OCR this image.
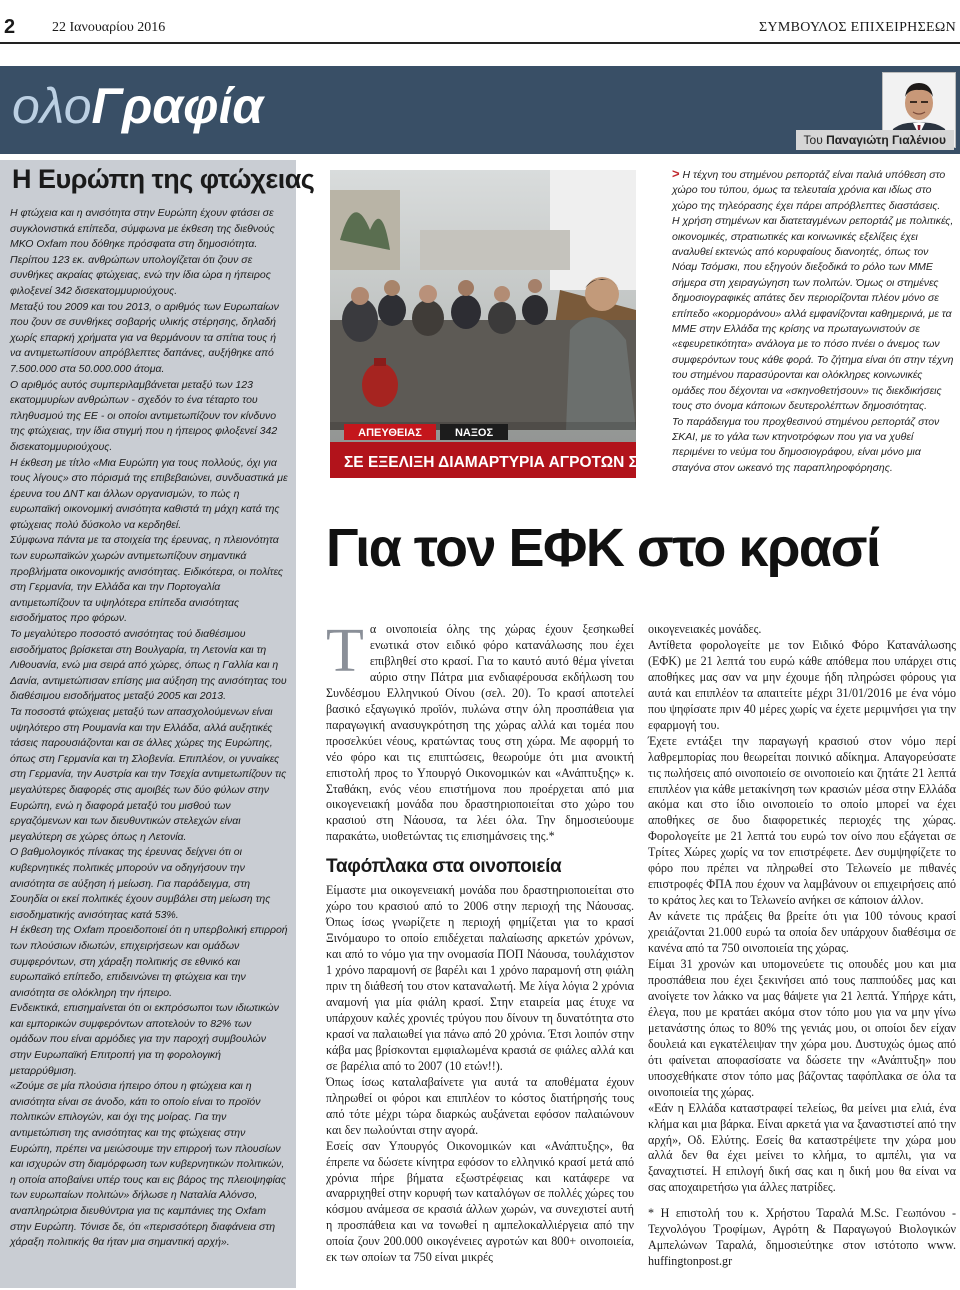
2	22 Ιανουαρίου 2016	ΣΥΜΒΟΥΛΟΣ ΕΠΙΧΕΙΡΗΣΕΩΝ
ολοΓραφία
Του Παναγιώτη Γιαλένιου
Η Ευρώπη της φτώχειας

Η φτώχεια και η ανισότητα στην Ευρώπη έχουν φτάσει σε συγκλονιστικά επίπεδα, σύμφωνα με έκθεση της διεθνούς ΜΚΟ Oxfam που δόθηκε πρόσφατα στη δημοσιότητα. Περίπου 123 εκ. ανθρώπων υπολογίζεται ότι ζουν σε συνθήκες ακραίας φτώχειας, ενώ την ίδια ώρα η ήπειρος φιλοξενεί 342 δισεκατομμυριούχους.

Μεταξύ του 2009 και του 2013, ο αριθμός των Ευρωπαίων που ζουν σε συνθήκες σοβαρής υλικής στέρησης, δηλαδή χωρίς επαρκή χρήματα για να θερμάνουν τα σπίτια τους ή να αντιμετωπίσουν απρόβλεπτες δαπάνες, αυξήθηκε από 7.500.000 στα 50.000.000 άτομα.

Ο αριθμός αυτός συμπεριλαμβάνεται μεταξύ των 123 εκατομμυρίων ανθρώπων - σχεδόν το ένα τέταρτο του πληθυσμού της ΕΕ - οι οποίοι αντιμετωπίζουν τον κίνδυνο της φτώχειας, την ίδια στιγμή που η ήπειρος φιλοξενεί 342 δισεκατομμυριούχους.

Η έκθεση με τίτλο «Μια Ευρώπη για τους πολλούς, όχι για τους λίγους» στο πόρισμά της επιβεβαιώνει, συνδυαστικά με έρευνα του ΔΝΤ και άλλων οργανισμών, το πώς η ευρωπαϊκή οικονομική ανισότητα καθιστά τη μάχη κατά της φτώχειας πολύ δύσκολο να κερδηθεί.

Σύμφωνα πάντα με τα στοιχεία της έρευνας, η πλειονότητα των ευρωπαϊκών χωρών αντιμετωπίζουν σημαντικά προβλήματα οικονομικής ανισότητας. Ειδικότερα, οι πολίτες στη Γερμανία, την Ελλάδα και την Πορτογαλία αντιμετωπίζουν τα υψηλότερα επίπεδα ανισότητας εισοδήματος προ φόρων.

Το μεγαλύτερο ποσοστό ανισότητας τού διαθέσιμου εισοδήματος βρίσκεται στη Βουλγαρία, τη Λετονία και τη Λιθουανία, ενώ μια σειρά από χώρες, όπως η Γαλλία και η Δανία, αντιμετώπισαν επίσης μια αύξηση της ανισότητας του διαθέσιμου εισοδήματος μεταξύ 2005 και 2013.

Τα ποσοστά φτώχειας μεταξύ των απασχολούμενων είναι υψηλότερο στη Ρουμανία και την Ελλάδα, αλλά αυξητικές τάσεις παρουσιάζονται και σε άλλες χώρες της Ευρώπης, όπως στη Γερμανία και τη Σλοβενία. Επιπλέον, οι γυναίκες στη Γερμανία, την Αυστρία και την Τσεχία αντιμετωπίζουν τις μεγαλύτερες διαφορές στις αμοιβές των δύο φύλων στην Ευρώπη, ενώ η διαφορά μεταξύ του μισθού των εργαζόμενων και των διευθυντικών στελεχών είναι μεγαλύτερη σε χώρες όπως η Λετονία.

Ο βαθμολογικός πίνακας της έρευνας δείχνει ότι οι κυβερνητικές πολιτικές μπορούν να οδηγήσουν την ανισότητα σε αύξηση ή μείωση. Για παράδειγμα, στη Σουηδία οι εκεί πολιτικές έχουν συμβάλει στη μείωση της εισοδηματικής ανισότητας κατά 53%.

Η έκθεση της Oxfam προειδοποιεί ότι η υπερβολική επιρροή των πλούσιων ιδιωτών, επιχειρήσεων και ομάδων συμφερόντων, στη χάραξη πολιτικής σε εθνικό και ευρωπαϊκό επίπεδο, επιδεινώνει τη φτώχεια και την ανισότητα σε ολόκληρη την ήπειρο.

Ενδεικτικά, επισημαίνεται ότι οι εκπρόσωποι των ιδιωτικών και εμπορικών συμφερόντων αποτελούν το 82% των ομάδων που είναι αρμόδιες για την παροχή συμβουλών στην Ευρωπαϊκή Επιτροπή για τη φορολογική μεταρρύθμιση.

«Ζούμε σε μία πλούσια ήπειρο όπου η φτώχεια και η ανισότητα είναι σε άνοδο, κάτι το οποίο είναι το προϊόν πολιτικών επιλογών, και όχι της μοίρας. Για την αντιμετώπιση της ανισότητας και της φτώχειας στην Ευρώπη, πρέπει να μειώσουμε την επιρροή των πλουσίων και ισχυρών στη διαμόρφωση των κυβερνητικών πολιτικών, η οποία αποβαίνει υπέρ τους και εις βάρος της πλειοψηφίας των ευρωπαίων πολιτών» δήλωσε η Ναταλία Αλόνσο, αναπληρώτρια διευθύντρια για τις καμπάνιες της Oxfam στην Ευρώπη. Τόνισε δε, ότι «περισσότερη διαφάνεια στη χάραξη πολιτικής θα ήταν μια σημαντική αρχή».

ΑΠΕΥΘΕΙΑΣ	ΝΑΞΟΣ
ΣΕ ΕΞΕΛΙΞΗ ΔΙΑΜΑΡΤΥΡΙΑ ΑΓΡΟΤΩΝ ΣΤΟ ΛΙ

> Η τέχνη του στημένου ρεπορτάζ είναι παλιά υπόθεση στο χώρο του τύπου, όμως τα τελευταία χρόνια και ιδίως στο χώρο της τηλεόρασης έχει πάρει απρόβλεπτες διαστάσεις.

Η χρήση στημένων και διατεταγμένων ρεπορτάζ με πολιτικές, οικονομικές, στρατιωτικές και κοινωνικές εξελίξεις έχει αναλυθεί εκτενώς από κορυφαίους διανοητές, όπως τον Νόαμ Τσόμσκι, που εξηγούν διεξοδικά το ρόλο των ΜΜΕ σήμερα στη χειραγώγηση των πολιτών. Όμως οι στημένες δημοσιογραφικές απάτες δεν περιορίζονται πλέον μόνο σε επίπεδο «κορμοράνου» αλλά εμφανίζονται καθημερινά, με τα ΜΜΕ στην Ελλάδα της κρίσης να πρωταγωνιστούν σε «εφευρετικότητα» ανάλογα με το πόσο πνέει ο άνεμος των συμφερόντων τους κάθε φορά. Το ζήτημα είναι ότι στην τέχνη του στημένου παρασύρονται και ολόκληρες κοινωνικές ομάδες που δέχονται να «σκηνοθετήσουν» τις διεκδικήσεις τους στο όνομα κάποιων δευτερολέπτων δημοσιότητας.

Το παράδειγμα του προχθεσινού στημένου ρεπορτάζ στον ΣΚΑΙ, με το γάλα των κτηνοτρόφων που για να χυθεί περιμένει το νεύμα του δημοσιογράφου, είναι μόνο μια σταγόνα στον ωκεανό της παραπληροφόρησης.

Για τον ΕΦΚ στο κρασί

Τα οινοποιεία όλης της χώρας έχουν ξεσηκωθεί ενωτικά στον ειδικό φόρο κατανάλωσης που έχει επιβληθεί στο κρασί. Για το καυτό αυτό θέμα γίνεται αύριο στην Πάτρα μια ενδιαφέρουσα εκδήλωση του Συνδέσμου Ελληνικού Οίνου (σελ. 20). Το κρασί αποτελεί βασικό εξαγωγικό προϊόν, πυλώνα στην όλη προσπάθεια για παραγωγική ανασυγκρότηση της χώρας αλλά και τομέα που προσελκύει νέους, κρατώντας τους στη χώρα. Με αφορμή το νέο φόρο και τις επιπτώσεις, θεωρούμε ότι μια ανοικτή επιστολή προς το Υπουργό Οικονομικών και «Ανάπτυξης» κ. Σταθάκη, ενός νέου επιστήμονα που προέρχεται από μια οικογενειακή μονάδα που δραστηριοποιείται στο χώρο του κρασιού στη Νάουσα, τα λέει όλα. Την δημοσιεύουμε παρακάτω, υιοθετώντας τις επισημάνσεις της.*

Ταφόπλακα στα οινοποιεία

Είμαστε μια οικογενειακή μονάδα που δραστηριοποιείται στο χώρο του κρασιού από το 2006 στην περιοχή της Νάουσας. Όπως ίσως γνωρίζετε η περιοχή φημίζεται για το κρασί Ξινόμαυρο το οποίο επιδέχεται παλαίωσης αρκετών χρόνων, και από το νόμο για την ονομασία ΠΟΠ Νάουσα, τουλάχιστον 1 χρόνο παραμονή σε βαρέλι και 1 χρόνο παραμονή στη φιάλη πριν τη διάθεσή του στον καταναλωτή. Με λίγα λόγια 2 χρόνια αναμονή για μία φιάλη κρασί. Στην εταιρεία μας έτυχε να υπάρχουν καλές χρονιές τρύγου που δίνουν τη δυνατότητα στο κρασί να παλαιωθεί για πάνω από 20 χρόνια. Έτσι λοιπόν στην κάβα μας βρίσκονται εμφιαλωμένα κρασιά σε φιάλες αλλά και σε βαρέλια από το 2007 (10 ετών!!).

Όπως ίσως καταλαβαίνετε για αυτά τα αποθέματα έχουν πληρωθεί οι φόροι και επιπλέον το κόστος διατήρησής τους από τότε μέχρι τώρα διαρκώς αυξάνεται εφόσον παλαιώνουν και δεν πωλούνται στην αγορά.

Εσείς σαν Υπουργός Οικονομικών και «Ανάπτυξης», θα έπρεπε να δώσετε κίνητρα εφόσον το ελληνικό κρασί μετά από χρόνια πήρε βήματα εξωστρέφειας και κατάφερε να αναρριχηθεί στην κορυφή των καταλόγων σε πολλές χώρες του κόσμου ανάμεσα σε κρασιά άλλων χωρών, να συνεχιστεί αυτή η προσπάθεια και να τονωθεί η αμπελοκαλλιέργεια από την οποία ζουν 200.000 οικογένειες αγροτών και 800+ οινοποιεία, εκ των οποίων τα 750 είναι μικρές

οικογενειακές μονάδες.

Αντίθετα φορολογείτε με τον Ειδικό Φόρο Κατανάλωσης (ΕΦΚ) με 21 λεπτά του ευρώ κάθε απόθεμα που υπάρχει στις αποθήκες μας σαν να μην έχουμε ήδη πληρώσει φόρους για αυτά και επιπλέον τα απαιτείτε μέχρι 31/01/2016 με ένα νόμο που ψηφίσατε πριν 40 μέρες χωρίς να έχετε μεριμνήσει για την εφαρμογή του.

Έχετε εντάξει την παραγωγή κρασιού στον νόμο περί λαθρεμπορίας που θεωρείται ποινικό αδίκημα. Απαγορεύσατε τις πωλήσεις από οινοποιείο σε οινοποιείο και ζητάτε 21 λεπτά επιπλέον για κάθε μετακίνηση των κρασιών μέσα στην Ελλάδα ακόμα και στο ίδιο οινοποιείο το οποίο μπορεί να έχει αποθήκες σε δυο διαφορετικές περιοχές της χώρας. Φορολογείτε με 21 λεπτά του ευρώ τον οίνο που εξάγεται σε Τρίτες Χώρες χωρίς να τον επιστρέφετε. Δεν συμψηφίζετε το φόρο που πρέπει να πληρωθεί στο Τελωνείο με πιθανές επιστροφές ΦΠΑ που έχουν να λαμβάνουν οι επιχειρήσεις από το κράτος λες και το Τελωνείο ανήκει σε κάποιον άλλον.

Αν κάνετε τις πράξεις θα βρείτε ότι για 100 τόνους κρασί χρειάζονται 21.000 ευρώ τα οποία δεν υπάρχουν διαθέσιμα σε κανένα από τα 750 οινοποιεία της χώρας.

Είμαι 31 χρονών και υπομονεύετε τις οπουδές μου και μια προσπάθεια που έχει ξεκινήσει από τους παππούδες μας και ανοίγετε τον λάκκο να μας θάψετε για 21 λεπτά. Υπήρχε κάτι, έλεγα, που με κρατάει ακόμα στον τόπο μου για να μην γίνω μετανάστης όπως το 80% της γενιάς μου, οι οποίοι δεν είχαν δουλειά και εγκατέλειψαν την χώρα μου. Δυστυχώς όμως από ότι φαίνεται αποφασίσατε να δώσετε την «Ανάπτυξη» που υποσχεθήκατε στον τόπο μας βάζοντας ταφόπλακα σε όλα τα οινοποιεία της χώρας.

«Εάν η Ελλάδα καταστραφεί τελείως, θα μείνει μια ελιά, ένα κλήμα και μια βάρκα. Είναι αρκετά για να ξαναστιστεί από την αρχή», Οδ. Ελύτης. Εσείς θα καταστρέψετε την χώρα μου αλλά δεν θα έχει μείνει το κλήμα, το αμπέλι, για να ξαναχτιστεί. Η επιλογή δική σας και η δική μου θα είναι να σας αποχαιρετήσω για άλλες πατρίδες.

* Η επιστολή του κ. Χρήστου Ταραλά M.Sc. Γεωπόνου - Τεχνολόγου Τροφίμων, Αγρότη & Παραγωγού Βιολογικών Αμπελώνων Ταραλά, δημοσιεύτηκε στον ιστότοπο www. huffingtonpost.gr
